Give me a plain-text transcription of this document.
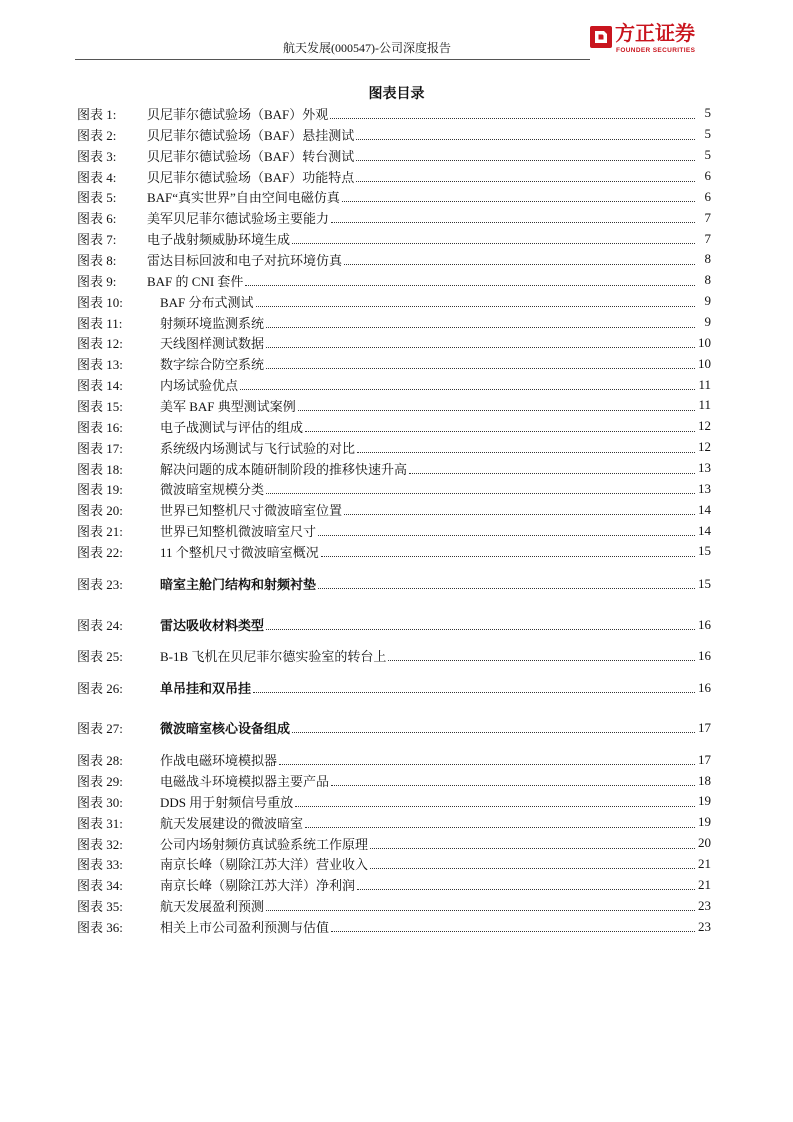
航天发展(000547)-公司深度报告
方正证券
FOUNDER SECURITIES
图表目录
图表 1:	贝尼菲尔德试验场（BAF）外观	5
图表 2:	贝尼菲尔德试验场（BAF）悬挂测试	5
图表 3:	贝尼菲尔德试验场（BAF）转台测试	5
图表 4:	贝尼菲尔德试验场（BAF）功能特点	6
图表 5:	BAF“真实世界”自由空间电磁仿真	6
图表 6:	美军贝尼菲尔德试验场主要能力	7
图表 7:	电子战射频威胁环境生成	7
图表 8:	雷达目标回波和电子对抗环境仿真	8
图表 9:	BAF 的 CNI 套件	8
图表 10:	BAF 分布式测试	9
图表 11:	射频环境监测系统	9
图表 12:	天线图样测试数据	10
图表 13:	数字综合防空系统	10
图表 14:	内场试验优点	11
图表 15:	美军 BAF 典型测试案例	11
图表 16:	电子战测试与评估的组成	12
图表 17:	系统级内场测试与飞行试验的对比	12
图表 18:	解决问题的成本随研制阶段的推移快速升高	13
图表 19:	微波暗室规模分类	13
图表 20:	世界已知整机尺寸微波暗室位置	14
图表 21:	世界已知整机微波暗室尺寸	14
图表 22:	11 个整机尺寸微波暗室概况	15
图表 23:	暗室主舱门结构和射频衬垫	15
图表 24:	雷达吸收材料类型	16
图表 25:	B-1B 飞机在贝尼菲尔德实验室的转台上	16
图表 26:	单吊挂和双吊挂	16
图表 27:	微波暗室核心设备组成	17
图表 28:	作战电磁环境模拟器	17
图表 29:	电磁战斗环境模拟器主要产品	18
图表 30:	DDS 用于射频信号重放	19
图表 31:	航天发展建设的微波暗室	19
图表 32:	公司内场射频仿真试验系统工作原理	20
图表 33:	南京长峰（剔除江苏大洋）营业收入	21
图表 34:	南京长峰（剔除江苏大洋）净利润	21
图表 35:	航天发展盈利预测	23
图表 36:	相关上市公司盈利预测与估值	23
